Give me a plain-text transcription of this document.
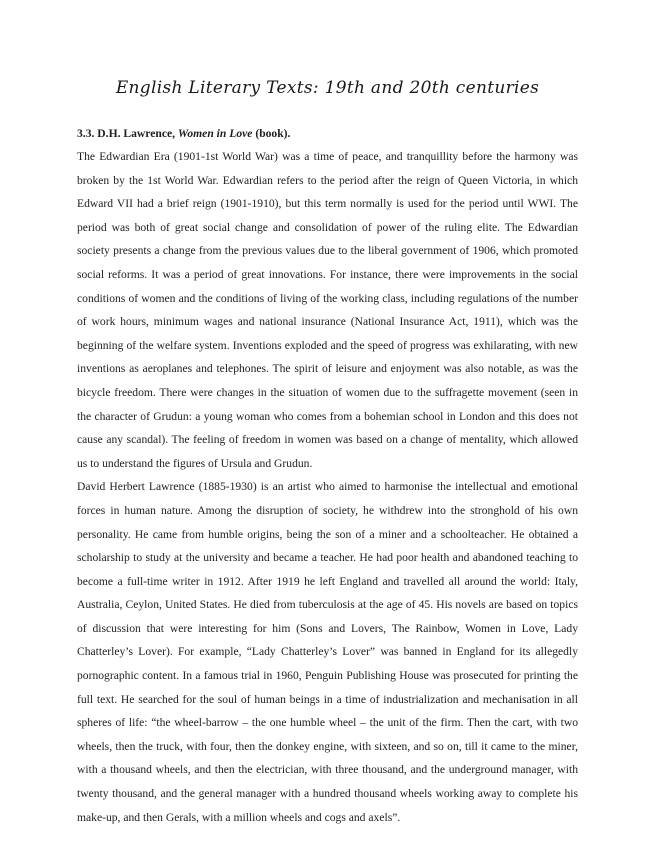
English Literary Texts: 19th and 20th centuries

3.3. D.H. Lawrence, Women in Love (book).

The Edwardian Era (1901-1st World War) was a time of peace, and tranquillity before the harmony was broken by the 1st World War. Edwardian refers to the period after the reign of Queen Victoria, in which Edward VII had a brief reign (1901-1910), but this term normally is used for the period until WWI. The period was both of great social change and consolidation of power of the ruling elite. The Edwardian society presents a change from the previous values due to the liberal government of 1906, which promoted social reforms. It was a period of great innovations. For instance, there were improvements in the social conditions of women and the conditions of living of the working class, including regulations of the number of work hours, minimum wages and national insurance (National Insurance Act, 1911), which was the beginning of the welfare system. Inventions exploded and the speed of progress was exhilarating, with new inventions as aeroplanes and telephones. The spirit of leisure and enjoyment was also notable, as was the bicycle freedom. There were changes in the situation of women due to the suffragette movement (seen in the character of Grudun: a young woman who comes from a bohemian school in London and this does not cause any scandal). The feeling of freedom in women was based on a change of mentality, which allowed us to understand the figures of Ursula and Grudun.

David Herbert Lawrence (1885-1930) is an artist who aimed to harmonise the intellectual and emotional forces in human nature. Among the disruption of society, he withdrew into the stronghold of his own personality. He came from humble origins, being the son of a miner and a schoolteacher. He obtained a scholarship to study at the university and became a teacher. He had poor health and abandoned teaching to become a full-time writer in 1912. After 1919 he left England and travelled all around the world: Italy, Australia, Ceylon, United States. He died from tuberculosis at the age of 45. His novels are based on topics of discussion that were interesting for him (Sons and Lovers, The Rainbow, Women in Love, Lady Chatterley’s Lover). For example, “Lady Chatterley’s Lover” was banned in England for its allegedly pornographic content. In a famous trial in 1960, Penguin Publishing House was prosecuted for printing the full text. He searched for the soul of human beings in a time of industrialization and mechanisation in all spheres of life: “the wheel-barrow – the one humble wheel – the unit of the firm. Then the cart, with two wheels, then the truck, with four, then the donkey engine, with sixteen, and so on, till it came to the miner, with a thousand wheels, and then the electrician, with three thousand, and the underground manager, with twenty thousand, and the general manager with a hundred thousand wheels working away to complete his make-up, and then Gerals, with a million wheels and cogs and axels”.
